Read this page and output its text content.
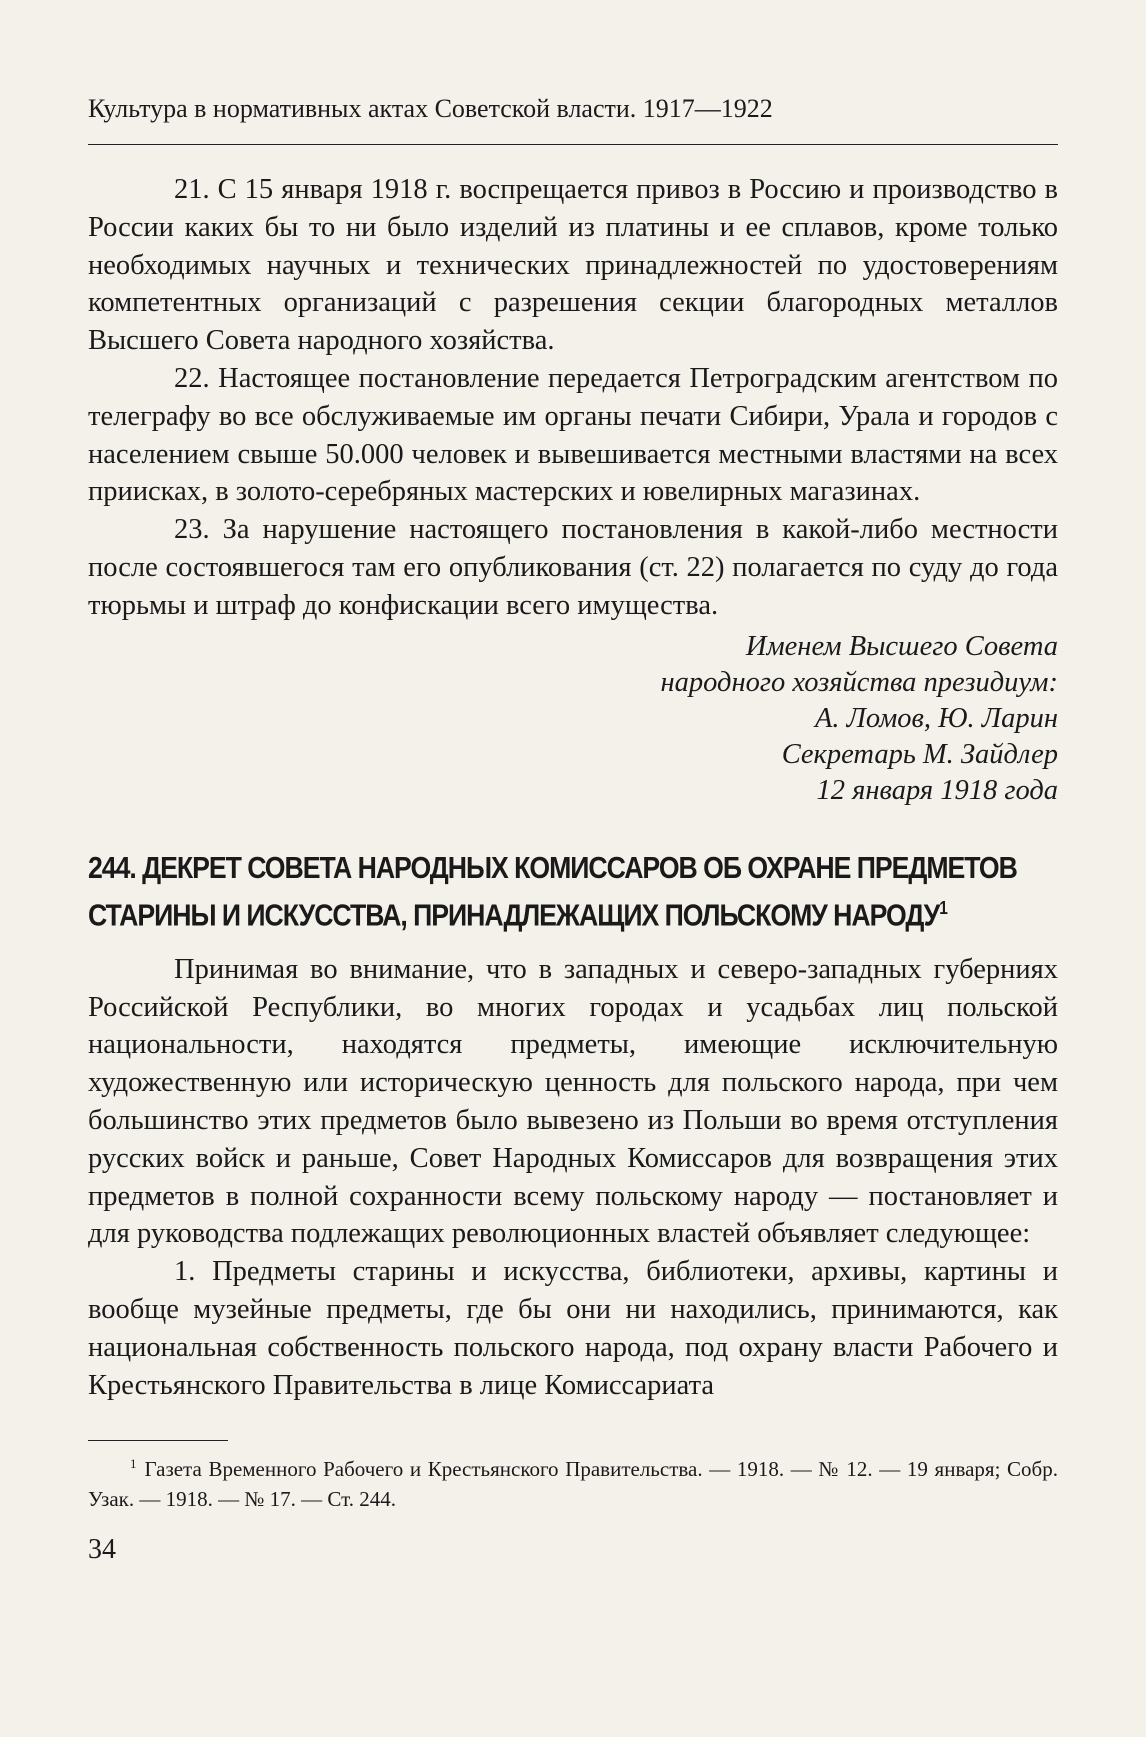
Культура в нормативных актах Советской власти. 1917—1922

21. С 15 января 1918 г. воспрещается привоз в Россию и производство в России каких бы то ни было изделий из платины и ее сплавов, кроме только необходимых научных и технических принадлежностей по удостоверениям компетентных организаций с разрешения секции благородных металлов Высшего Совета народного хозяйства.

22. Настоящее постановление передается Петроградским агентством по телеграфу во все обслуживаемые им органы печати Сибири, Урала и городов с населением свыше 50.000 человек и вывешивается местными властями на всех приисках, в золото-серебряных мастерских и ювелирных магазинах.

23. За нарушение настоящего постановления в какой-либо местности после состоявшегося там его опубликования (ст. 22) полагается по суду до года тюрьмы и штраф до конфискации всего имущества.

Именем Высшего Совета
народного хозяйства президиум:
А. Ломов, Ю. Ларин
Секретарь М. Зайдлер
12 января 1918 года
244. ДЕКРЕТ СОВЕТА НАРОДНЫХ КОМИССАРОВ ОБ ОХРАНЕ ПРЕДМЕТОВ СТАРИНЫ И ИСКУССТВА, ПРИНАДЛЕЖАЩИХ ПОЛЬСКОМУ НАРОДУ$^1$

Принимая во внимание, что в западных и северо-западных губерниях Российской Республики, во многих городах и усадьбах лиц польской национальности, находятся предметы, имеющие исключительную художественную или историческую ценность для польского народа, при чем большинство этих предметов было вывезено из Польши во время отступления русских войск и раньше, Совет Народных Комиссаров для возвращения этих предметов в полной сохранности всему польскому народу — постановляет и для руководства подлежащих революционных властей объявляет следующее:

1. Предметы старины и искусства, библиотеки, архивы, картины и вообще музейные предметы, где бы они ни находились, принимаются, как национальная собственность польского народа, под охрану власти Рабочего и Крестьянского Правительства в лице Комиссариата

$^1$ Газета Временного Рабочего и Крестьянского Правительства. — 1918. — № 12. — 19 января; Собр. Узак. — 1918. — № 17. — Ст. 244.

34
